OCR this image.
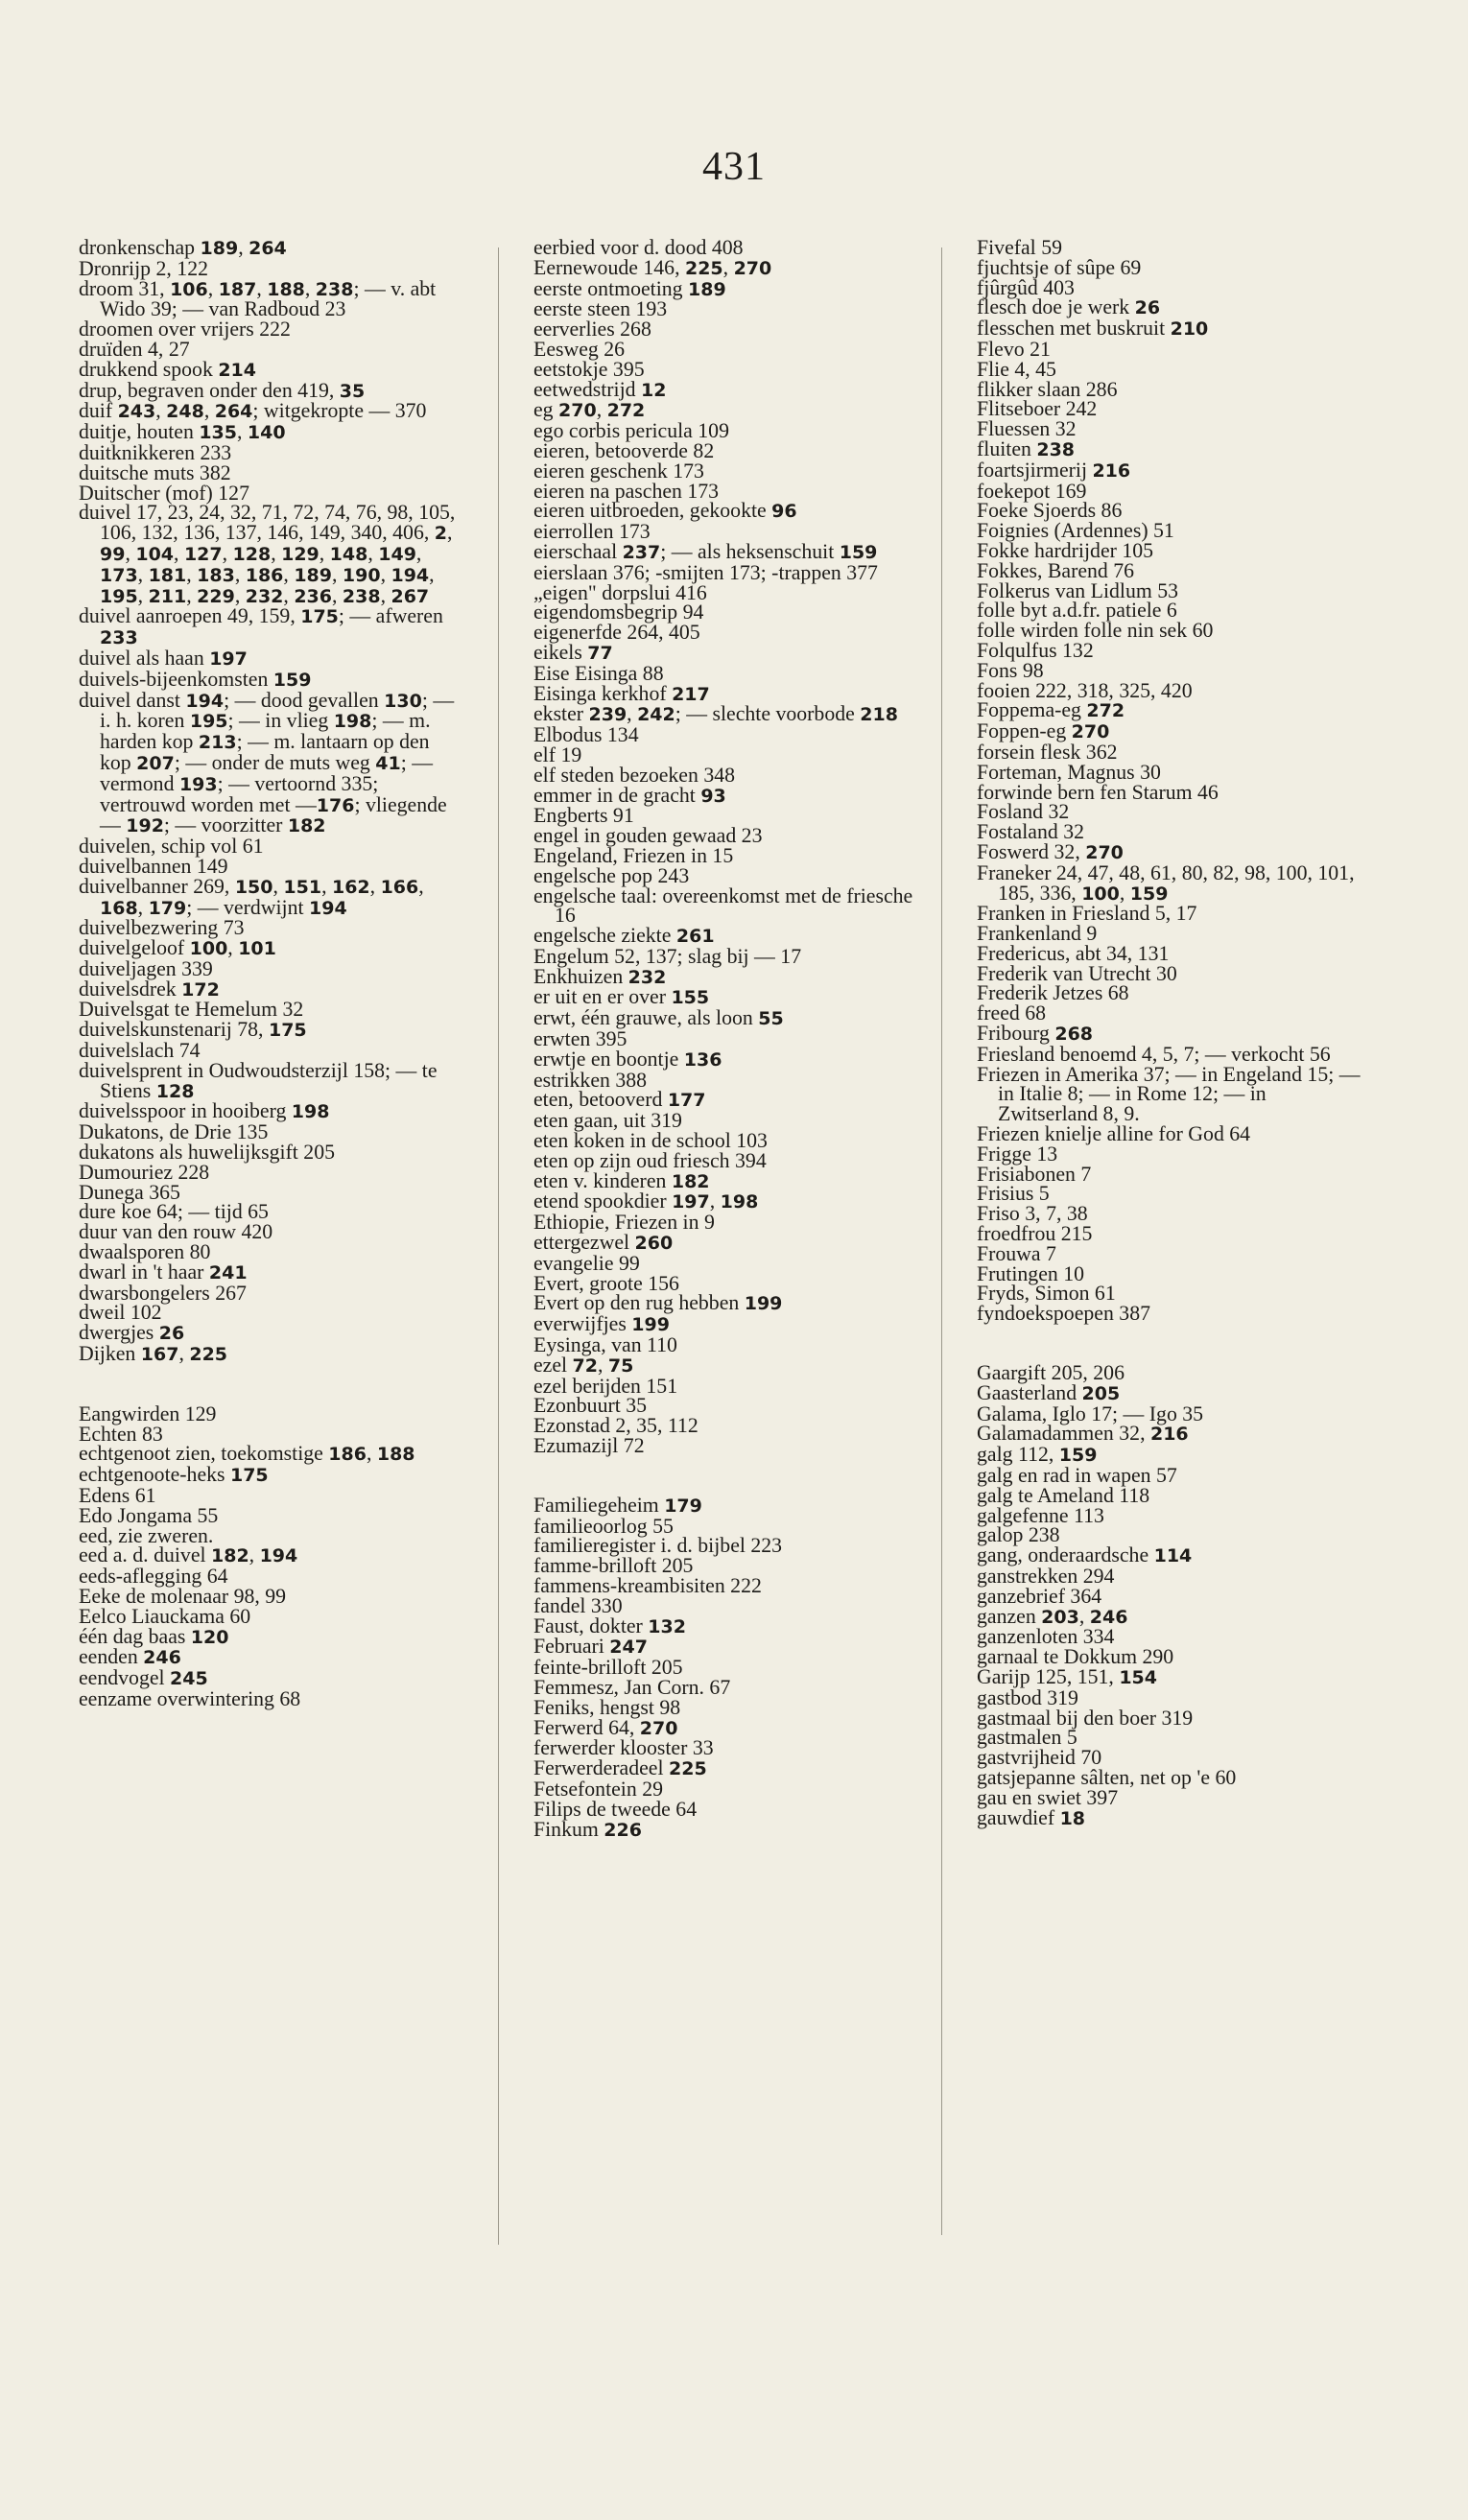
431
dronkenschap 189, 264
Dronrijp 2, 122
droom 31, 106, 187, 188, 238; — v. abt Wido 39; — van Radboud 23
droomen over vrijers 222
druïden 4, 27
drukkend spook 214
drup, begraven onder den 419, 35
duif 243, 248, 264; witgekropte — 370
duitje, houten 135, 140
duitknikkeren 233
duitsche muts 382
Duitscher (mof) 127
duivel 17, 23, 24, 32, 71, 72, 74, 76, 98, 105, 106, 132, 136, 137, 146, 149, 340, 406, 2, 99, 104, 127, 128, 129, 148, 149, 173, 181, 183, 186, 189, 190, 194, 195, 211, 229, 232, 236, 238, 267
duivel aanroepen 49, 159, 175; — afweren 233
duivel als haan 197
duivels-bijeenkomsten 159
duivel danst 194; — dood gevallen 130; — i. h. koren 195; — in vlieg 198; — m. harden kop 213; — m. lantaarn op den kop 207; — onder de muts weg 41; — vermond 193; — vertoornd 335; vertrouwd worden met —176; vliegende — 192; — voorzitter 182
duivelen, schip vol 61
duivelbannen 149
duivelbanner 269, 150, 151, 162, 166, 168, 179; — verdwijnt 194
duivelbezwering 73
duivelgeloof 100, 101
duiveljagen 339
duivelsdrek 172
Duivelsgat te Hemelum 32
duivelskunstenarij 78, 175
duivelslach 74
duivelsprent in Oudwoudsterzijl 158; — te Stiens 128
duivelsspoor in hooiberg 198
Dukatons, de Drie 135
dukatons als huwelijksgift 205
Dumouriez 228
Dunega 365
dure koe 64; — tijd 65
duur van den rouw 420
dwaalsporen 80
dwarl in 't haar 241
dwarsbongelers 267
dweil 102
dwergjes 26
Dijken 167, 225
Eangwirden 129
Echten 83
echtgenoot zien, toekomstige 186, 188
echtgenoote-heks 175
Edens 61
Edo Jongama 55
eed, zie zweren.
eed a. d. duivel 182, 194
eeds-aflegging 64
Eeke de molenaar 98, 99
Eelco Liauckama 60
één dag baas 120
eenden 246
eendvogel 245
eenzame overwintering 68
eerbied voor d. dood 408
Eernewoude 146, 225, 270
eerste ontmoeting 189
eerste steen 193
eerverlies 268
Eesweg 26
eetstokje 395
eetwedstrijd 12
eg 270, 272
ego corbis pericula 109
eieren, betooverde 82
eieren geschenk 173
eieren na paschen 173
eieren uitbroeden, gekookte 96
eierrollen 173
eierschaal 237; — als heksenschuit 159
eierslaan 376; -smijten 173; -trappen 377
„eigen" dorpslui 416
eigendomsbegrip 94
eigenerfde 264, 405
eikels 77
Eise Eisinga 88
Eisinga kerkhof 217
ekster 239, 242; — slechte voorbode 218
Elbodus 134
elf 19
elf steden bezoeken 348
emmer in de gracht 93
Engberts 91
engel in gouden gewaad 23
Engeland, Friezen in 15
engelsche pop 243
engelsche taal: overeenkomst met de friesche 16
engelsche ziekte 261
Engelum 52, 137; slag bij — 17
Enkhuizen 232
er uit en er over 155
erwt, één grauwe, als loon 55
erwten 395
erwtje en boontje 136
estrikken 388
eten, betooverd 177
eten gaan, uit 319
eten koken in de school 103
eten op zijn oud friesch 394
eten v. kinderen 182
etend spookdier 197, 198
Ethiopie, Friezen in 9
ettergezwel 260
evangelie 99
Evert, groote 156
Evert op den rug hebben 199
everwijfjes 199
Eysinga, van 110
ezel 72, 75
ezel berijden 151
Ezonbuurt 35
Ezonstad 2, 35, 112
Ezumazijl 72
Familiegeheim 179
familieoorlog 55
familieregister i. d. bijbel 223
famme-brilloft 205
fammens-kreambisiten 222
fandel 330
Faust, dokter 132
Februari 247
feinte-brilloft 205
Femmesz, Jan Corn. 67
Feniks, hengst 98
Ferwerd 64, 270
ferwerder klooster 33
Ferwerderadeel 225
Fetsefontein 29
Filips de tweede 64
Finkum 226
Fivefal 59
fjuchtsje of sûpe 69
fjûrgûd 403
flesch doe je werk 26
flesschen met buskruit 210
Flevo 21
Flie 4, 45
flikker slaan 286
Flitseboer 242
Fluessen 32
fluiten 238
foartsjirmerij 216
foekepot 169
Foeke Sjoerds 86
Foignies (Ardennes) 51
Fokke hardrijder 105
Fokkes, Barend 76
Folkerus van Lidlum 53
folle byt a.d.fr. patiele 6
folle wirden folle nin sek 60
Folqulfus 132
Fons 98
fooien 222, 318, 325, 420
Foppema-eg 272
Foppen-eg 270
forsein flesk 362
Forteman, Magnus 30
forwinde bern fen Starum 46
Fosland 32
Fostaland 32
Foswerd 32, 270
Franeker 24, 47, 48, 61, 80, 82, 98, 100, 101, 185, 336, 100, 159
Franken in Friesland 5, 17
Frankenland 9
Fredericus, abt 34, 131
Frederik van Utrecht 30
Frederik Jetzes 68
freed 68
Fribourg 268
Friesland benoemd 4, 5, 7; — verkocht 56
Friezen in Amerika 37; — in Engeland 15; — in Italie 8; — in Rome 12; — in Zwitserland 8, 9.
Friezen knielje alline for God 64
Frigge 13
Frisiabonen 7
Frisius 5
Friso 3, 7, 38
froedfrou 215
Frouwa 7
Frutingen 10
Fryds, Simon 61
fyndoekspoepen 387
Gaargift 205, 206
Gaasterland 205
Galama, Iglo 17; — Igo 35
Galamadammen 32, 216
galg 112, 159
galg en rad in wapen 57
galg te Ameland 118
galgefenne 113
galop 238
gang, onderaardsche 114
ganstrekken 294
ganzebrief 364
ganzen 203, 246
ganzenloten 334
garnaal te Dokkum 290
Garijp 125, 151, 154
gastbod 319
gastmaal bij den boer 319
gastmalen 5
gastvrijheid 70
gatsjepanne sâlten, net op 'e 60
gau en swiet 397
gauwdief 18
